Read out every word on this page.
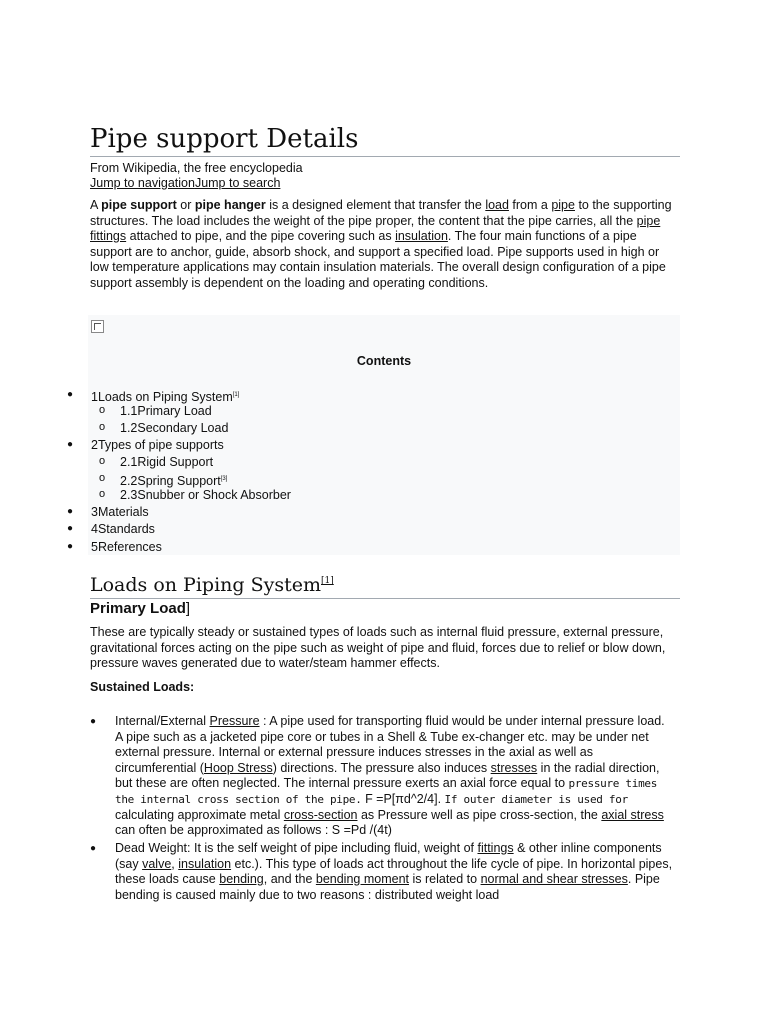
Pipe support Details
From Wikipedia, the free encyclopedia
Jump to navigationJump to search

A pipe support or pipe hanger is a designed element that transfer the load from a pipe to the supporting structures. The load includes the weight of the pipe proper, the content that the pipe carries, all the pipe fittings attached to pipe, and the pipe covering such as insulation. The four main functions of a pipe support are to anchor, guide, absorb shock, and support a specified load. Pipe supports used in high or low temperature applications may contain insulation materials. The overall design configuration of a pipe support assembly is dependent on the loading and operating conditions.

Contents
● 1Loads on Piping System[1]
o 1.1Primary Load
o 1.2Secondary Load
● 2Types of pipe supports
o 2.1Rigid Support
o 2.2Spring Support[3]
o 2.3Snubber or Shock Absorber
● 3Materials
● 4Standards
● 5References
Loads on Piping System[1]
Primary Load]

These are typically steady or sustained types of loads such as internal fluid pressure, external pressure, gravitational forces acting on the pipe such as weight of pipe and fluid, forces due to relief or blow down, pressure waves generated due to water/steam hammer effects.

Sustained Loads:
● Internal/External Pressure : A pipe used for transporting fluid would be under internal pressure load. A pipe such as a jacketed pipe core or tubes in a Shell & Tube ex-changer etc. may be under net external pressure. Internal or external pressure induces stresses in the axial as well as circumferential (Hoop Stress) directions. The pressure also induces stresses in the radial direction, but these are often neglected. The internal pressure exerts an axial force equal to pressure times the internal cross section of the pipe. F =P[πd^2/4]. If outer diameter is used for calculating approximate metal cross-section as Pressure well as pipe cross-section, the axial stress can often be approximated as follows : S =Pd /(4t)
● Dead Weight: It is the self weight of pipe including fluid, weight of fittings & other inline components (say valve, insulation etc.). This type of loads act throughout the life cycle of pipe. In horizontal pipes, these loads cause bending, and the bending moment is related to normal and shear stresses. Pipe bending is caused mainly due to two reasons : distributed weight load
